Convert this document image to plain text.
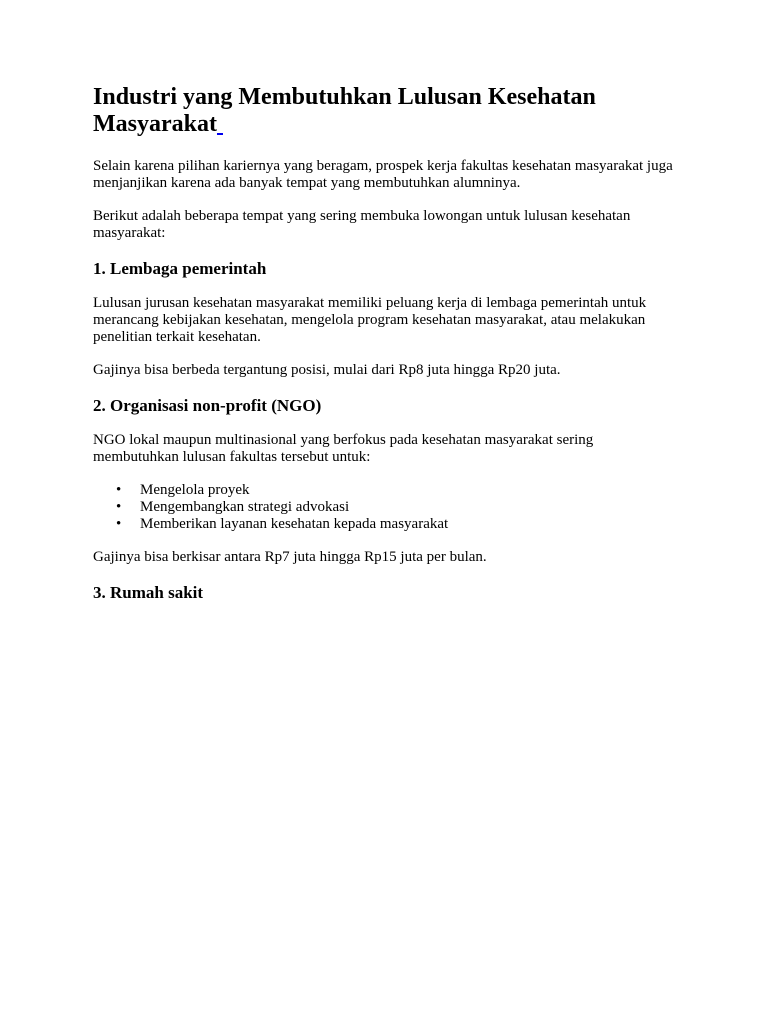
Industri yang Membutuhkan Lulusan Kesehatan Masyarakat

Selain karena pilihan kariernya yang beragam, prospek kerja fakultas kesehatan masyarakat juga menjanjikan karena ada banyak tempat yang membutuhkan alumninya.

Berikut adalah beberapa tempat yang sering membuka lowongan untuk lulusan kesehatan masyarakat:

1. Lembaga pemerintah

Lulusan jurusan kesehatan masyarakat memiliki peluang kerja di lembaga pemerintah untuk merancang kebijakan kesehatan, mengelola program kesehatan masyarakat, atau melakukan penelitian terkait kesehatan.

Gajinya bisa berbeda tergantung posisi, mulai dari Rp8 juta hingga Rp20 juta.

2. Organisasi non-profit (NGO)

NGO lokal maupun multinasional yang berfokus pada kesehatan masyarakat sering membutuhkan lulusan fakultas tersebut untuk:

• Mengelola proyek
• Mengembangkan strategi advokasi
• Memberikan layanan kesehatan kepada masyarakat

Gajinya bisa berkisar antara Rp7 juta hingga Rp15 juta per bulan.

3. Rumah sakit
